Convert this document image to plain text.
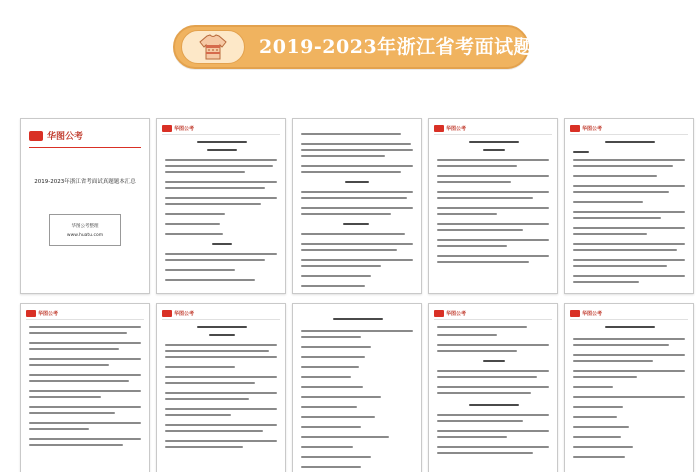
2019-2023年浙江省考面试题本
华图公考
2019-2023年浙江省考面试真题题本汇总
华图公考整理
www.huatu.com
华图公考	华图公考	华图公考
华图公考	华图公考	华图公考	华图公考
